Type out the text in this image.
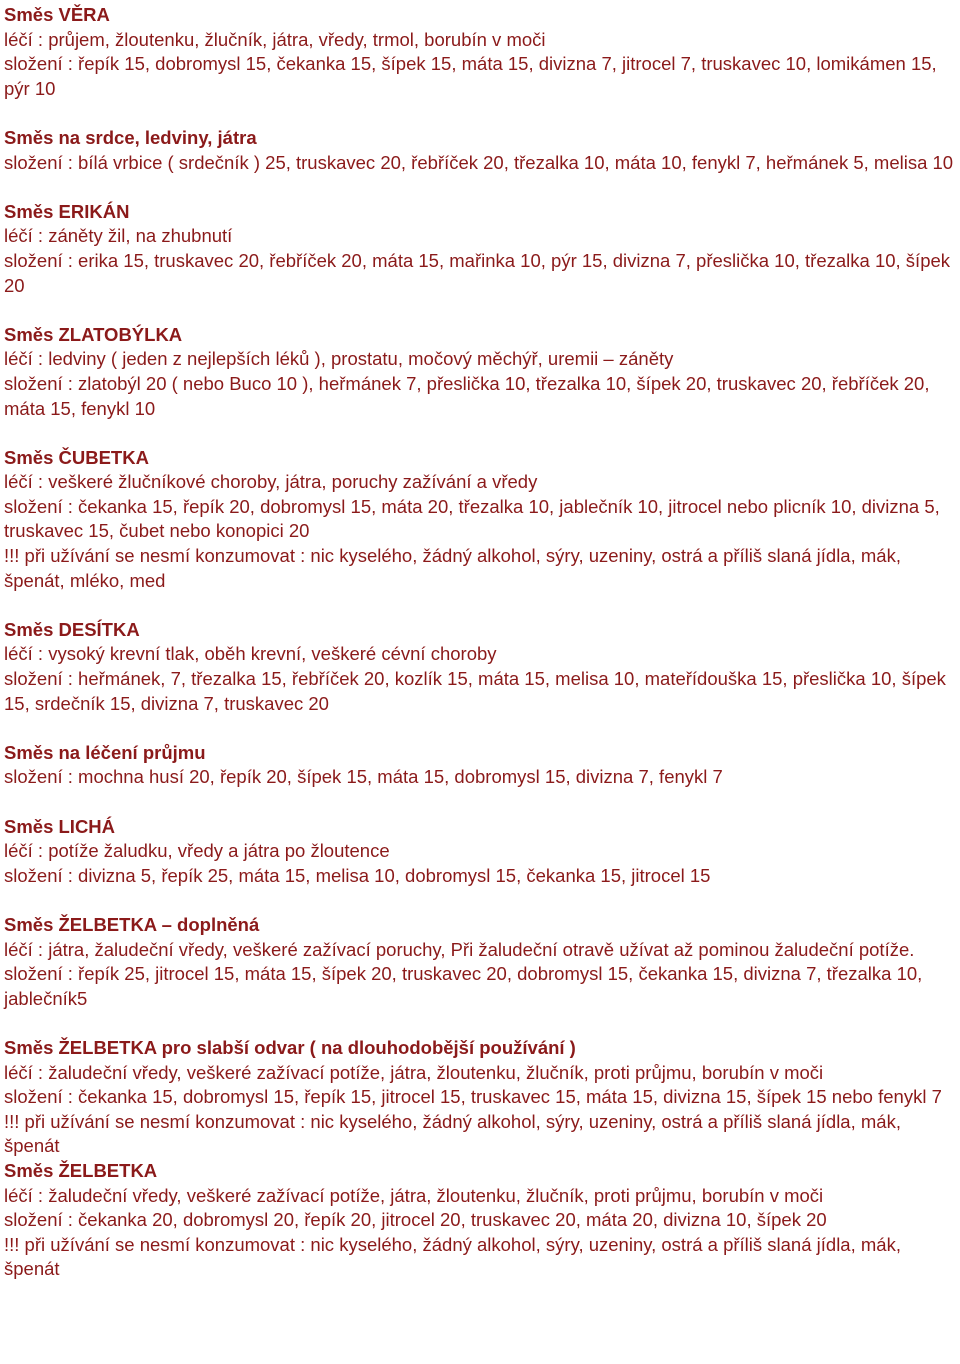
Směs VĚRA
léčí : průjem, žloutenku, žlučník, játra, vředy, trmol, borubín v moči
složení : řepík 15, dobromysl 15, čekanka 15, šípek 15, máta 15, divizna 7, jitrocel 7, truskavec 10, lomikámen 15, pýr 10
Směs na srdce, ledviny, játra
složení : bílá vrbice ( srdečník ) 25, truskavec 20, řebříček 20, třezalka 10, máta 10, fenykl 7, heřmánek 5, melisa 10
Směs ERIKÁN
léčí : záněty žil, na zhubnutí
složení : erika 15, truskavec 20, řebříček 20, máta 15, mařinka 10, pýr 15, divizna 7, přeslička 10, třezalka 10, šípek 20
Směs ZLATOBÝLKA
léčí : ledviny ( jeden z nejlepších léků ), prostatu, močový měchýř, uremii – záněty
složení : zlatobýl 20 ( nebo Buco 10 ), heřmánek 7, přeslička 10, třezalka 10, šípek 20, truskavec 20, řebříček 20, máta 15, fenykl 10
Směs ČUBETKA
léčí : veškeré žlučníkové choroby, játra, poruchy zažívání a vředy
složení : čekanka 15, řepík 20, dobromysl 15, máta 20, třezalka 10, jablečník 10, jitrocel nebo plicník 10, divizna 5, truskavec 15, čubet nebo konopici 20
!!! při užívání se nesmí konzumovat : nic kyselého, žádný alkohol, sýry, uzeniny, ostrá a příliš slaná jídla, mák, špenát, mléko, med
Směs DESÍTKA
léčí : vysoký krevní tlak, oběh krevní, veškeré cévní choroby
složení : heřmánek, 7, třezalka 15, řebříček 20, kozlík 15, máta 15, melisa 10, mateřídouška 15, přeslička 10, šípek 15, srdečník 15, divizna 7, truskavec 20
Směs na léčení průjmu
složení : mochna husí 20, řepík 20, šípek 15, máta 15, dobromysl 15, divizna 7, fenykl 7
Směs LICHÁ
léčí : potíže žaludku, vředy a játra po žloutence
složení : divizna 5, řepík 25, máta 15, melisa 10, dobromysl 15, čekanka 15, jitrocel 15
Směs ŽELBETKA – doplněná
léčí : játra, žaludeční vředy, veškeré zažívací poruchy, Při žaludeční otravě užívat až pominou žaludeční potíže.
složení : řepík 25, jitrocel 15, máta 15, šípek 20, truskavec 20, dobromysl 15, čekanka 15, divizna 7, třezalka 10, jablečník5
Směs ŽELBETKA pro slabší odvar ( na dlouhodobější používání )
léčí : žaludeční vředy, veškeré zažívací potíže, játra, žloutenku, žlučník, proti průjmu, borubín v moči
složení : čekanka 15, dobromysl 15, řepík 15, jitrocel 15, truskavec 15, máta 15, divizna 15, šípek 15 nebo fenykl 7
!!! při užívání se nesmí konzumovat : nic kyselého, žádný alkohol, sýry, uzeniny, ostrá a příliš slaná jídla, mák, špenát
Směs ŽELBETKA
léčí : žaludeční vředy, veškeré zažívací potíže, játra, žloutenku, žlučník, proti průjmu, borubín v moči
složení : čekanka 20, dobromysl 20, řepík 20, jitrocel 20, truskavec 20, máta 20, divizna 10, šípek 20
!!! při užívání se nesmí konzumovat : nic kyselého, žádný alkohol, sýry, uzeniny, ostrá a příliš slaná jídla, mák, špenát
